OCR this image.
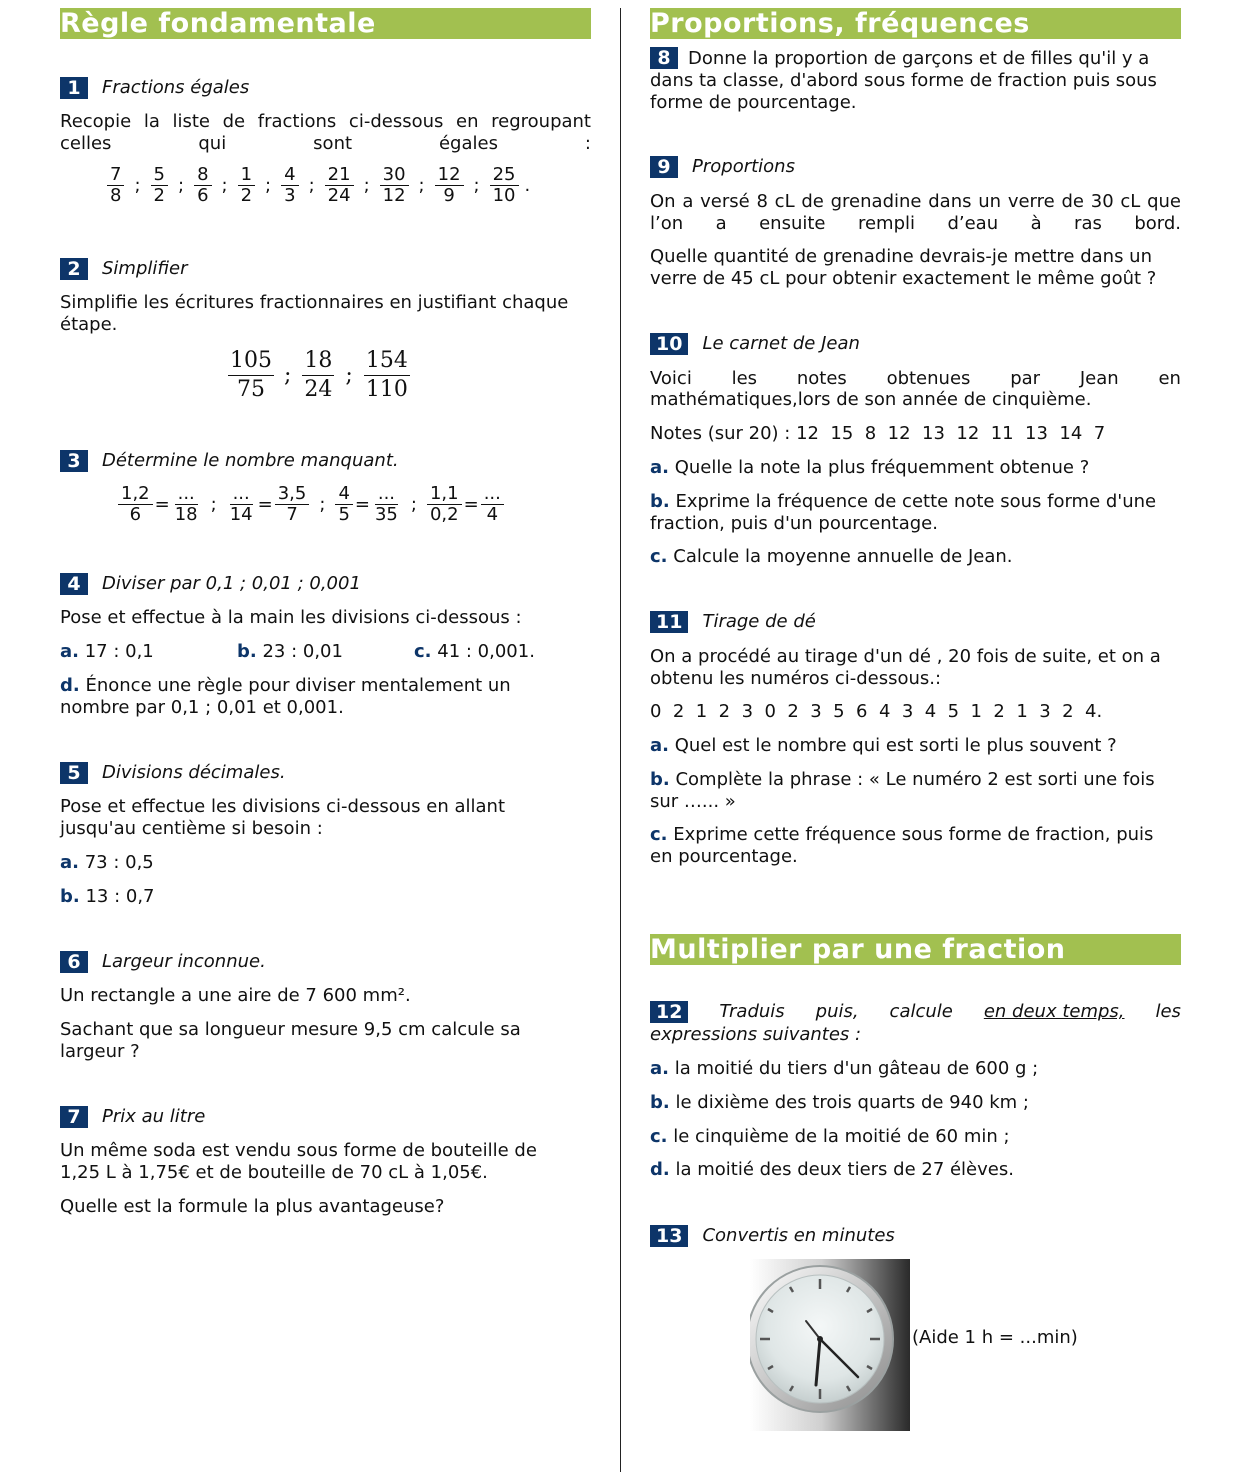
Règle fondamentale
1	Fractions égales
Recopie la liste de fractions ci-dessous en regroupant celles qui sont égales :
$\frac{7}{8}$ ; $\frac{5}{2}$ ; $\frac{8}{6}$ ; $\frac{1}{2}$ ; $\frac{4}{3}$ ; $\frac{21}{24}$ ; $\frac{30}{12}$ ; $\frac{12}{9}$ ; $\frac{25}{10}$ .
2	Simplifier
Simplifie les écritures fractionnaires en justifiant chaque étape.
$\frac{105}{75}$ ; $\frac{18}{24}$ ; $\frac{154}{110}$
3	Détermine le nombre manquant.
$\frac{1,2}{6} = \frac{...}{18}$ ; $\frac{...}{14} = \frac{3,5}{7}$ ; $\frac{4}{5} = \frac{...}{35}$ ; $\frac{1,1}{0,2} = \frac{...}{4}$
4	Diviser par 0,1 ; 0,01 ; 0,001
Pose et effectue à la main les divisions ci-dessous :
a. 17 : 0,1	b. 23 : 0,01	c. 41 : 0,001.
d. Énonce une règle pour diviser mentalement un nombre par 0,1 ; 0,01 et 0,001.
5	Divisions décimales.
Pose et effectue les divisions ci-dessous en allant jusqu'au centième si besoin :
a. 73 : 0,5
b. 13 : 0,7
6	Largeur inconnue.
Un rectangle a une aire de 7 600 mm².
Sachant que sa longueur mesure 9,5 cm calcule sa largeur ?
7	Prix au litre
Un même soda est vendu sous forme de bouteille de 1,25 L à 1,75€ et de bouteille de 70 cL à 1,05€.
Quelle est la formule la plus avantageuse?
Proportions, fréquences
8 Donne la proportion de garçons et de filles qu'il y a dans ta classe, d'abord sous forme de fraction puis sous forme de pourcentage.
9	Proportions
On a versé 8 cL de grenadine dans un verre de 30 cL que l’on a ensuite rempli d’eau à ras bord.
Quelle quantité de grenadine devrais-je mettre dans un verre de 45 cL pour obtenir exactement le même goût ?
10	Le carnet de Jean
Voici les notes obtenues par Jean en
mathématiques,lors de son année de cinquième.
Notes (sur 20) : 12  15  8  12  13  12  11  13  14  7
a. Quelle la note la plus fréquemment obtenue ?
b. Exprime la fréquence de cette note sous forme d'une fraction, puis d'un pourcentage.
c. Calcule la moyenne annuelle de Jean.
11	Tirage de dé
On a procédé au tirage d'un dé , 20 fois de suite, et on a obtenu les numéros ci-dessous.:
0  2  1  2  3  0  2  3  5  6  4  3  4  5  1  2  1  3  2  4.
a. Quel est le nombre qui est sorti le plus souvent ?
b. Complète la phrase : « Le numéro 2 est sorti une fois sur …... »
c. Exprime cette fréquence sous forme de fraction, puis en pourcentage.
Multiplier par une fraction
12	Traduis puis, calcule en deux temps, les
expressions suivantes :
a. la moitié du tiers d'un gâteau de 600 g ;
b. le dixième des trois quarts de 940 km ;
c. le cinquième de la moitié de 60 min ;
d. la moitié des deux tiers de 27 élèves.
13	Convertis en minutes
(Aide 1 h = ...min)
